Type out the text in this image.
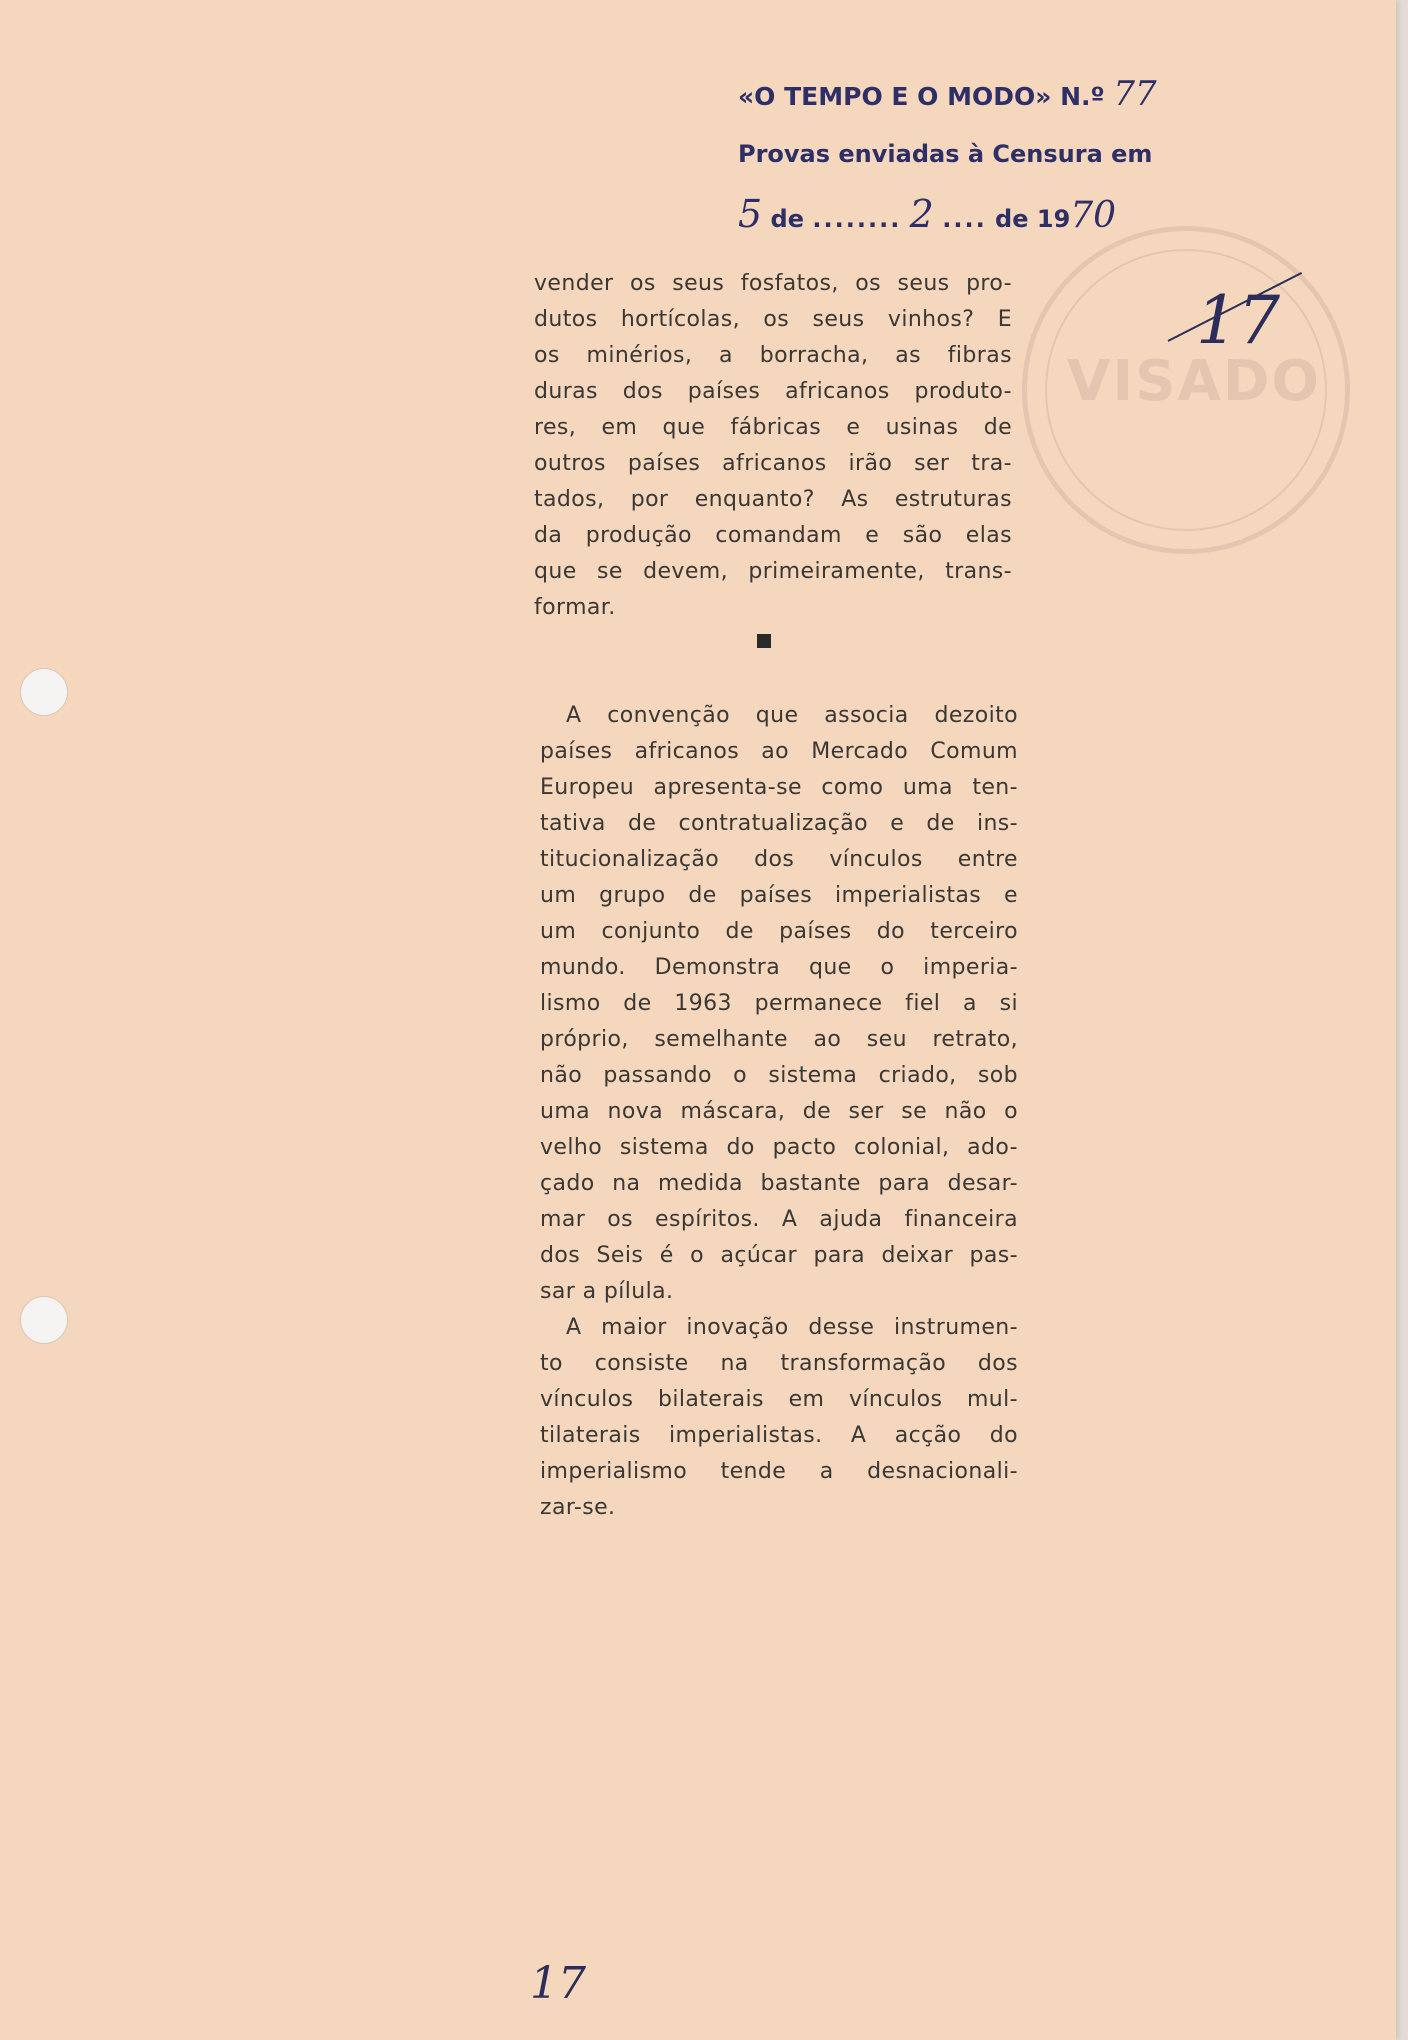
«O TEMPO E O MODO» N.º 77
Provas enviadas à Censura em
5 de ........ 2 .... de 1970
VISADO
17
vender os seus fosfatos, os seus pro-
dutos hortícolas, os seus vinhos? E
os minérios, a borracha, as fibras
duras dos países africanos produto-
res, em que fábricas e usinas de
outros países africanos irão ser tra-
tados, por enquanto? As estruturas
da produção comandam e são elas
que se devem, primeiramente, trans-
formar.
A convenção que associa dezoito
países africanos ao Mercado Comum
Europeu apresenta-se como uma ten-
tativa de contratualização e de ins-
titucionalização dos vínculos entre
um grupo de países imperialistas e
um conjunto de países do terceiro
mundo. Demonstra que o imperia-
lismo de 1963 permanece fiel a si
próprio, semelhante ao seu retrato,
não passando o sistema criado, sob
uma nova máscara, de ser se não o
velho sistema do pacto colonial, ado-
çado na medida bastante para desar-
mar os espíritos. A ajuda financeira
dos Seis é o açúcar para deixar pas-
sar a pílula.
A maior inovação desse instrumen-
to consiste na transformação dos
vínculos bilaterais em vínculos mul-
tilaterais imperialistas. A acção do
imperialismo tende a desnacionali-
zar-se.
17
